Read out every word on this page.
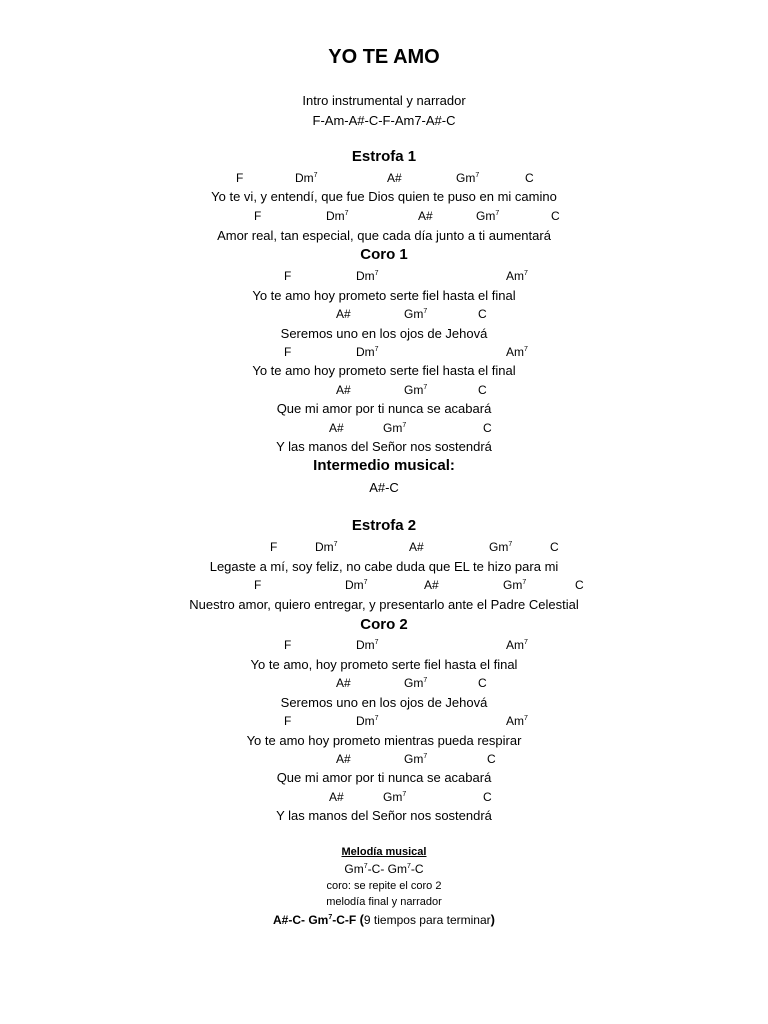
YO TE AMO
Intro instrumental y narrador
F-Am-A#-C-F-Am7-A#-C
Estrofa 1
F	Dm$^7$	A#	Gm$^7$	C
Yo te vi, y entendí, que fue Dios quien te puso en mi camino
F	Dm$^7$	A#	Gm$^7$	C
Amor real, tan especial, que cada día junto a ti aumentará
Coro 1
F	Dm$^7$	Am$^7$
Yo te amo hoy prometo serte fiel hasta el final
A#	Gm$^7$	C
Seremos uno en los ojos de Jehová
F	Dm$^7$	Am$^7$
Yo te amo hoy prometo serte fiel hasta el final
A#	Gm$^7$	C
Que mi amor por ti nunca se acabará
A#	Gm$^7$	C
Y las manos del Señor nos sostendrá
Intermedio musical:
A#-C
Estrofa 2
F	Dm$^7$	A#	Gm$^7$	C
Legaste a mí, soy feliz, no cabe duda que EL te hizo para mi
F	Dm$^7$	A#	Gm$^7$	C
Nuestro amor, quiero entregar, y presentarlo ante el Padre Celestial
Coro 2
F	Dm$^7$	Am$^7$
Yo te amo, hoy prometo serte fiel hasta el final
A#	Gm$^7$	C
Seremos uno en los ojos de Jehová
F	Dm$^7$	Am$^7$
Yo te amo hoy prometo mientras pueda respirar
A#	Gm$^7$	C
Que mi amor por ti nunca se acabará
A#	Gm$^7$	C
Y las manos del Señor nos sostendrá
Melodía musical
Gm$^7$-C- Gm$^7$-C
coro: se repite el coro 2
melodía final y narrador
A#-C- Gm$^7$-C-F (9 tiempos para terminar)
